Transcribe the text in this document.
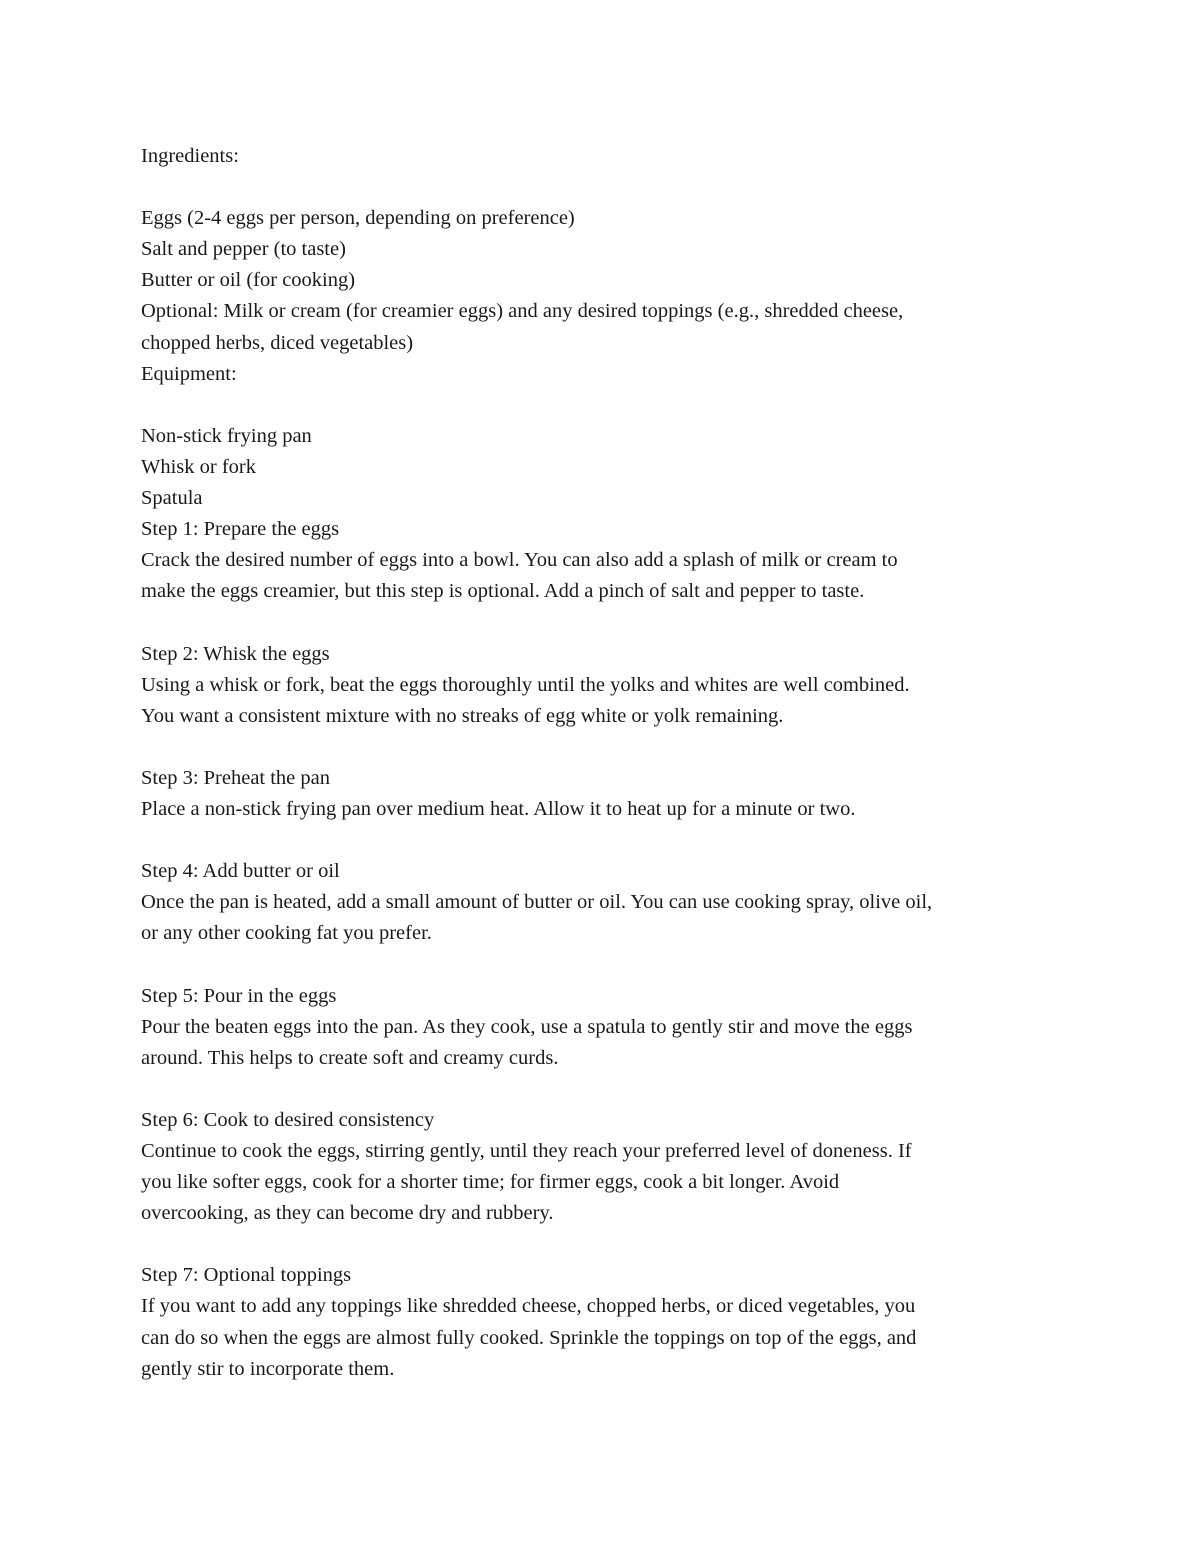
Ingredients:
Eggs (2-4 eggs per person, depending on preference)
Salt and pepper (to taste)
Butter or oil (for cooking)
Optional: Milk or cream (for creamier eggs) and any desired toppings (e.g., shredded cheese,
chopped herbs, diced vegetables)
Equipment:
Non-stick frying pan
Whisk or fork
Spatula
Step 1: Prepare the eggs
Crack the desired number of eggs into a bowl. You can also add a splash of milk or cream to
make the eggs creamier, but this step is optional. Add a pinch of salt and pepper to taste.
Step 2: Whisk the eggs
Using a whisk or fork, beat the eggs thoroughly until the yolks and whites are well combined.
You want a consistent mixture with no streaks of egg white or yolk remaining.
Step 3: Preheat the pan
Place a non-stick frying pan over medium heat. Allow it to heat up for a minute or two.
Step 4: Add butter or oil
Once the pan is heated, add a small amount of butter or oil. You can use cooking spray, olive oil,
or any other cooking fat you prefer.
Step 5: Pour in the eggs
Pour the beaten eggs into the pan. As they cook, use a spatula to gently stir and move the eggs
around. This helps to create soft and creamy curds.
Step 6: Cook to desired consistency
Continue to cook the eggs, stirring gently, until they reach your preferred level of doneness. If
you like softer eggs, cook for a shorter time; for firmer eggs, cook a bit longer. Avoid
overcooking, as they can become dry and rubbery.
Step 7: Optional toppings
If you want to add any toppings like shredded cheese, chopped herbs, or diced vegetables, you
can do so when the eggs are almost fully cooked. Sprinkle the toppings on top of the eggs, and
gently stir to incorporate them.
